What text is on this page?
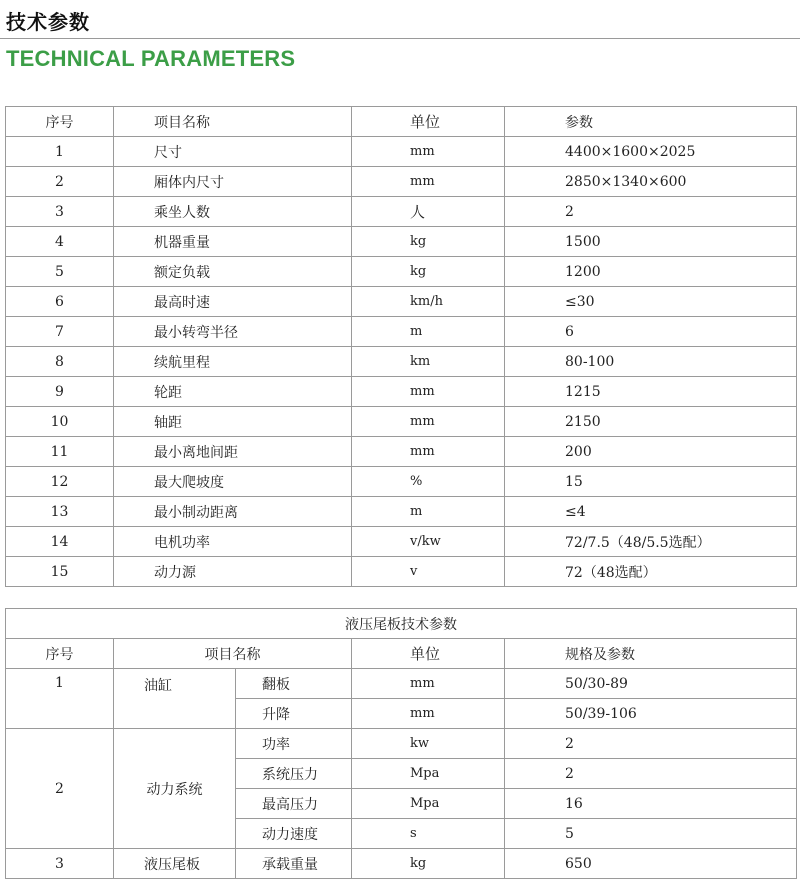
技术参数
TECHNICAL PARAMETERS
序号	项目名称	单位	参数
1	尺寸	mm	4400×1600×2025
2	厢体内尺寸	mm	2850×1340×600
3	乘坐人数	人	2
4	机器重量	kg	1500
5	额定负载	kg	1200
6	最高时速	km/h	≤30
7	最小转弯半径	m	6
8	续航里程	km	80-100
9	轮距	mm	1215
10	轴距	mm	2150
11	最小离地间距	mm	200
12	最大爬坡度	%	15
13	最小制动距离	m	≤4
14	电机功率	v/kw	72/7.5（48/5.5选配）
15	动力源	v	72（48选配）
液压尾板技术参数				
序号	项目名称		单位	规格及参数
1	油缸	翻板	mm	50/30-89
		升降	mm	50/39-106
2	动力系统	功率	kw	2
		系统压力	Mpa	2
		最高压力	Mpa	16
		动力速度	s	5
3	液压尾板	承载重量	kg	650
